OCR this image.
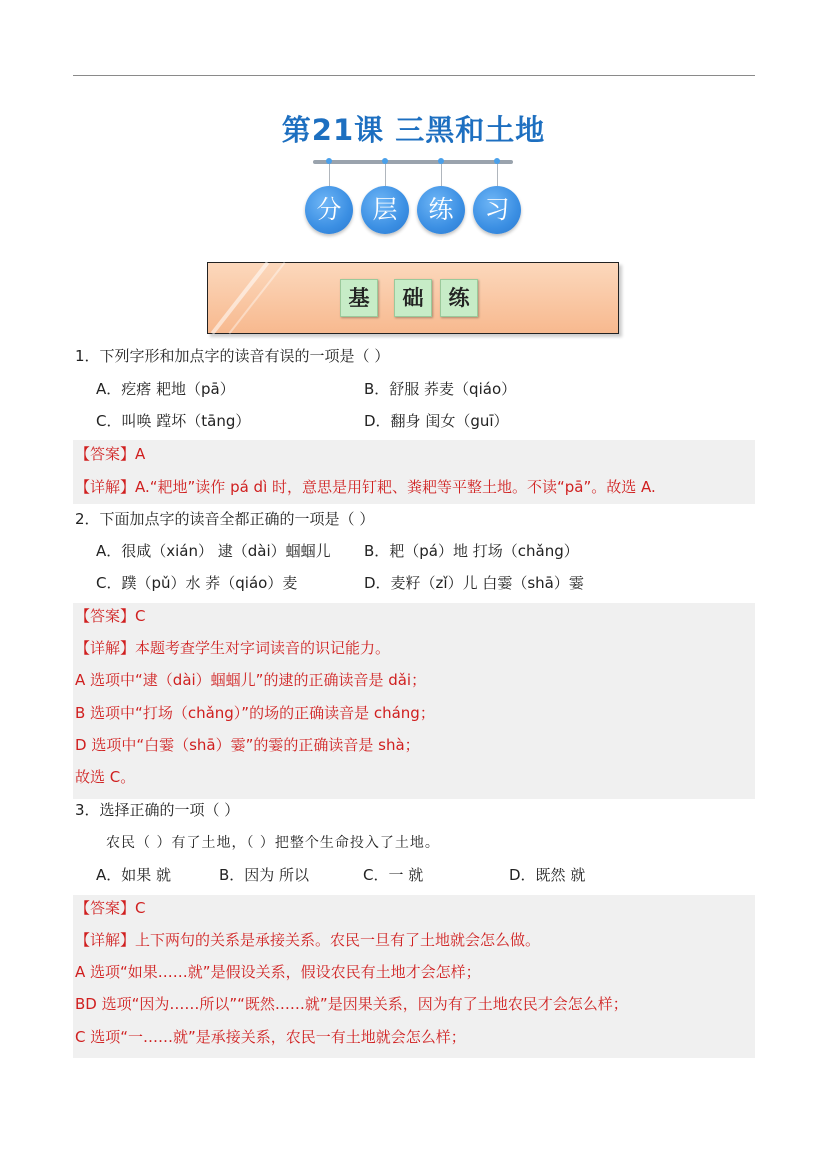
第21课 三黑和土地
分	层	练	习
基	础	练
1．下列字形和加点字的读音有误的一项是（ ）
A．疙瘩 耙地（pā）	B．舒服 荞麦（qiáo）
C．叫唤 蹚坏（tāng）	D．翻身 闺女（guī）
【答案】A
【详解】A.“耙地”读作 pá dì 时，意思是用钉耙、粪耙等平整土地。不读“pā”。故选 A.
2．下面加点字的读音全都正确的一项是（ ）
A．很咸（xián） 逮（dài）蝈蝈儿 B．耙（pá）地 打场（chǎng）
C．蹼（pǔ）水 荞（qiáo）麦	D．麦籽（zǐ）儿 白霎（shā）霎
【答案】C
【详解】本题考查学生对字词读音的识记能力。
A 选项中“逮（dài）蝈蝈儿”的逮的正确读音是 dǎi；
B 选项中“打场（chǎng）”的场的正确读音是 cháng；
D 选项中“白霎（shā）霎”的霎的正确读音是 shà；
故选 C。
3．选择正确的一项（ ）
农民（ ）有了土地，（ ）把整个生命投入了土地。
A．如果 就	B．因为 所以	C．一 就	D．既然 就
【答案】C
【详解】上下两句的关系是承接关系。农民一旦有了土地就会怎么做。
A 选项“如果……就”是假设关系，假设农民有土地才会怎样；
BD 选项“因为……所以”“既然……就”是因果关系，因为有了土地农民才会怎么样；
C 选项“一……就”是承接关系，农民一有土地就会怎么样；
